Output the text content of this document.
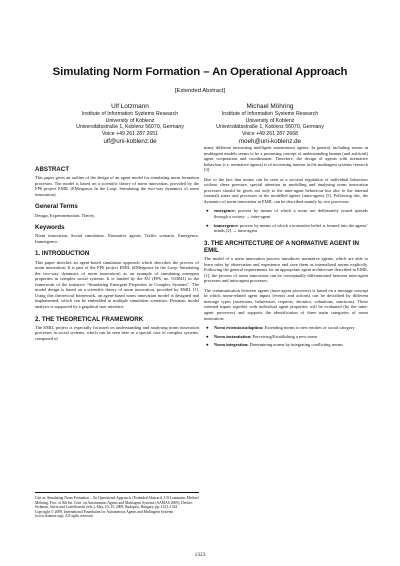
Simulating Norm Formation – An Operational Approach
[Extended Abstract]
Ulf Lotzmann
Institute of Information Systems Research
University of Koblenz
Universitätsstraße 1, Koblenz 56070, Germany
Voice +49 261 287 2651
ulf@uni-koblenz.de
Michael Möhring
Institute of Information Systems Research
University of Koblenz
Universitätsstraße 1, Koblenz 56070, Germany
Voice +49 261 287 2668
moeh@uni-koblenz.de
ABSTRACT

This paper gives an outline of the design of an agent model for simulating norm formation processes. The model is based on a scientific theory of norm innovation, provided by the FP6 project EMIL (EMergence In the Loop: Simulating the two-way dynamics of norm innovation).

General Terms

Design, Experimentation, Theory.

Keywords

Norm innovation, Social simulation, Normative agents, Traffic scenario, Emergence, Immergence.

1. INTRODUCTION

This paper sketches an agent-based simulation approach which describes the process of norm innovation. It is part of the FP6 project EMIL (EMergence In the Loop: Simulating the two-way dynamics of norm innovation) as an example of simulating emergent properties in complex social systems. It is funded by the EU (FP6, no. 033841) in the framework of the initiative “Simulating Emergent Properties in Complex Systems”. The model design is based on a scientific theory of norm innovation, provided by EMIL [1]. Using this theoretical framework, an agent-based norm innovation model is designed and implemented, which can be embedded in multiple simulation scenarios. Dynamic model analysis is supported by a graphical user interface.

2. THE THEORETICAL FRAMEWORK

The EMIL project is especially focussed on understanding and analysing norm innovation processes in social systems, which can be seen here as a special case of complex systems, composed of

Cite as: Simulating Norm Formation – An Operational Approach, (Extended Abstract), Ulf Lotzmann, Michael Möhring, Proc. of 8th Int. Conf. on Autonomous Agents and Multiagent Systems (AAMAS 2009), Decker, Sichman, Sierra and Castelfranchi (eds.), May, 10–15, 2009, Budapest, Hungary, pp. 1323–1324
Copyright © 2009, International Foundation for Autonomous Agents and Multiagent Systems (www.ifaamas.org). All rights reserved.

many different interacting intelligent autonomous agents. In general, including norms in multiagent models seems to be a promising concept of understanding human (and artificial) agent cooperation and coordination. Therefore, the design of agents with normative behaviour (i.e. normative agents) is of increasing interest in the multiagent systems research [3].

Due to the fact that norms can be seen as a societal regulation of individual behaviour without sheer pressure, special attention in modelling and analysing norm innovation processes should be given not only to the inter-agent behaviour but also to the internal (mental) states and processes of the modelled agents (intra-agent) [5]. Following this, the dynamics of norm innovation in EMIL can be described mainly by two processes:

● emergence: process by means of which a norm not deliberately issued spreads through a society → inter-agent
● immergence: process by means of which a normative belief is formed into the agents’ minds [2] → intra-agent
3. THE ARCHITECTURE OF A NORMATIVE AGENT IN EMIL

The model of a norm innovation process introduces normative agents, which are able to learn rules by observation and experience and save them as internalized norms explicitly. Following the general requirements for an appropriate agent architecture described in EMIL [1], the process of norm innovation can be conceptually differentiated between inter-agent processes and intra-agent processes.

The communication between agents (inter-agent processes) is based on a message concept in which norm-related agent inputs (events and actions) can be described by different message types (assertions, behaviours, requests, deontics, valuations, sanctions). These external inputs together with individual agent properties will be evaluated (by the intra-agent processes) and supports the identification of three main categories of norm innovation:

● Norm extension/adaption: Extending norms to new entities or social category
● Norm instantiation: Perceiving/Establishing a new norm
● Norm integration: Determining norms by integrating conflicting norms
1323
